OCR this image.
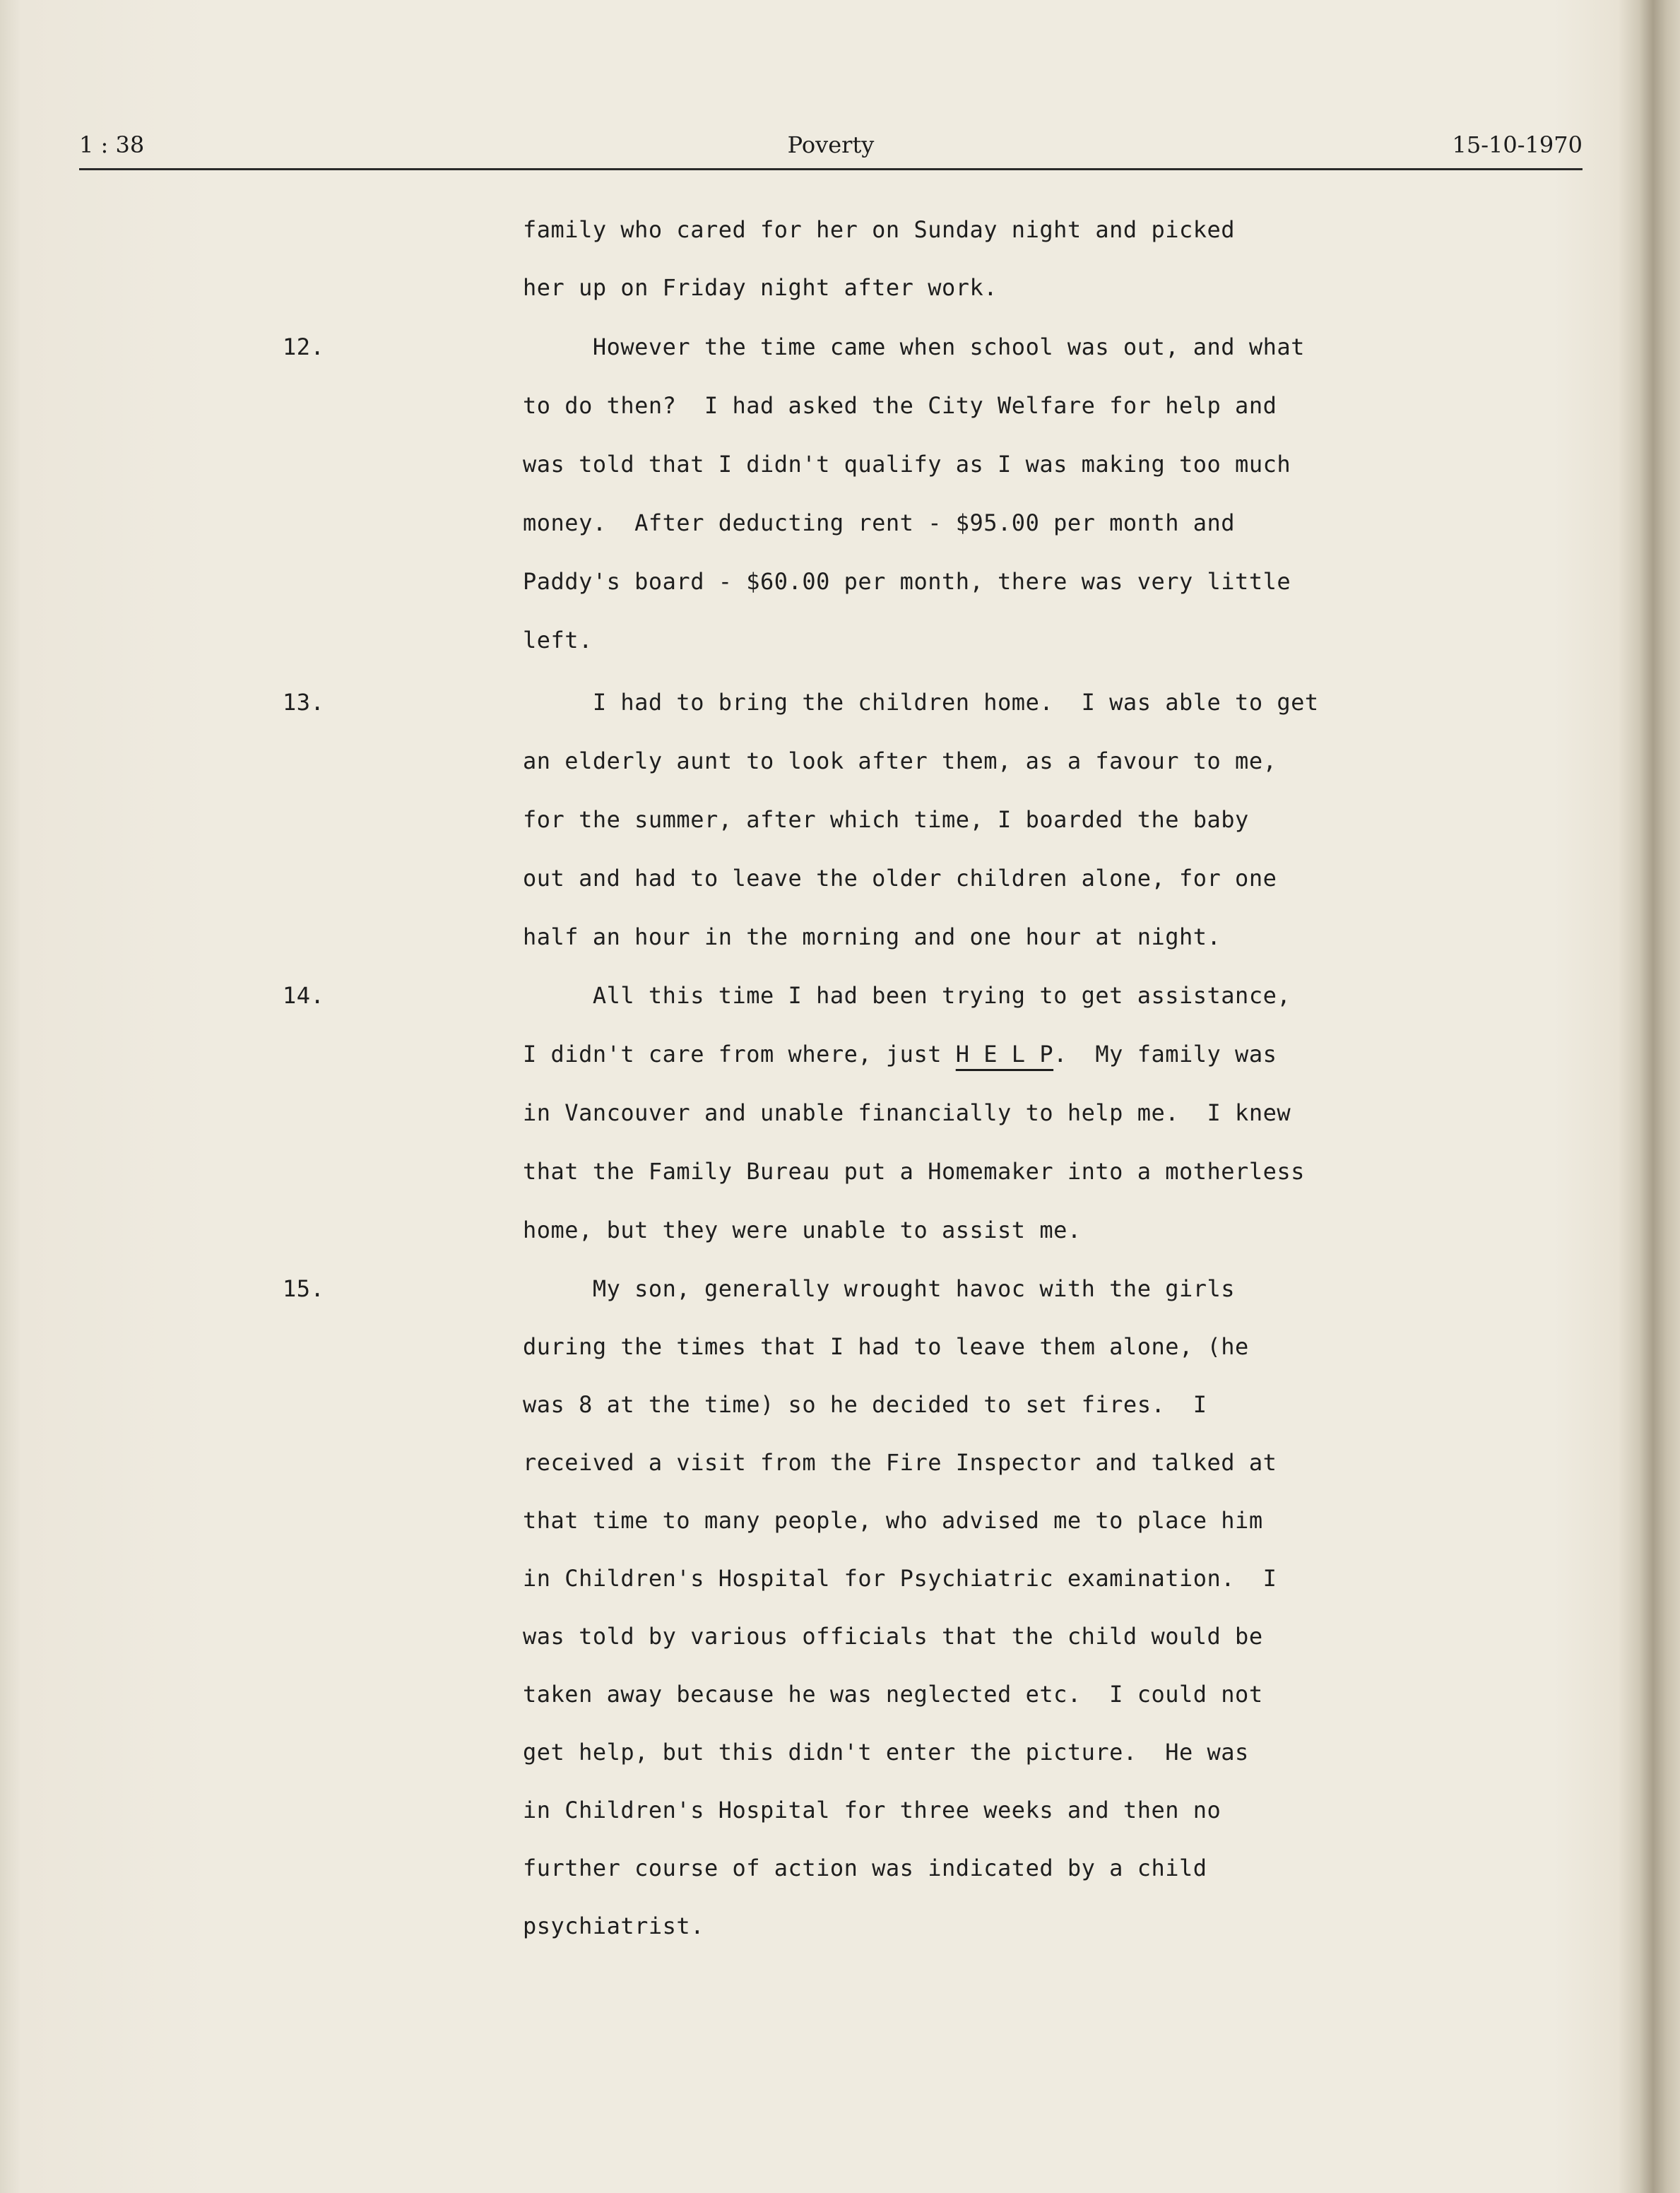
1 : 38	Poverty	15-10-1970
family who cared for her on Sunday night and picked
her up on Friday night after work.
12.	However the time came when school was out, and what
to do then?  I had asked the City Welfare for help and
was told that I didn't qualify as I was making too much
money.  After deducting rent - $95.00 per month and
Paddy's board - $60.00 per month, there was very little
left.
13.	I had to bring the children home.  I was able to get
an elderly aunt to look after them, as a favour to me,
for the summer, after which time, I boarded the baby
out and had to leave the older children alone, for one
half an hour in the morning and one hour at night.
14.	All this time I had been trying to get assistance,
I didn't care from where, just H E L P.  My family was
in Vancouver and unable financially to help me.  I knew
that the Family Bureau put a Homemaker into a motherless
home, but they were unable to assist me.
15.	My son, generally wrought havoc with the girls
during the times that I had to leave them alone, (he
was 8 at the time) so he decided to set fires.  I
received a visit from the Fire Inspector and talked at
that time to many people, who advised me to place him
in Children's Hospital for Psychiatric examination.  I
was told by various officials that the child would be
taken away because he was neglected etc.  I could not
get help, but this didn't enter the picture.  He was
in Children's Hospital for three weeks and then no
further course of action was indicated by a child
psychiatrist.
